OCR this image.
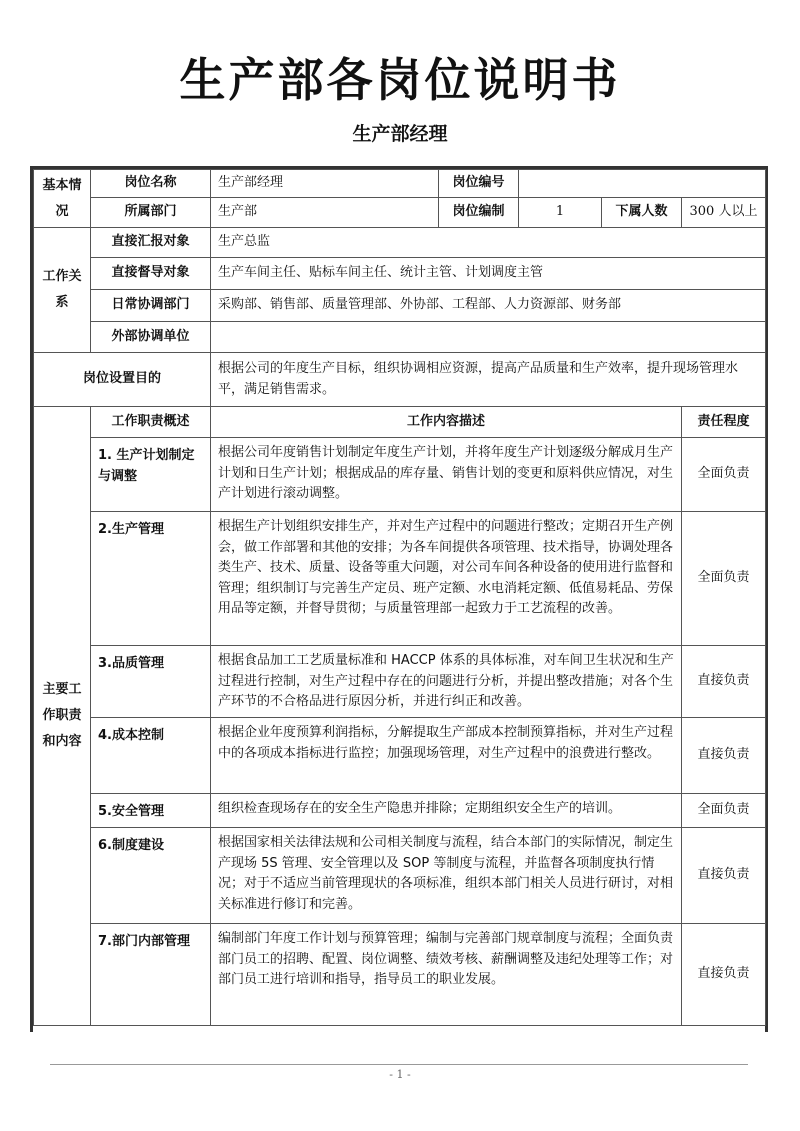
生产部各岗位说明书
生产部经理
基本情况	岗位名称	生产部经理	岗位编号			
	所属部门	生产部	岗位编制	1	下属人数	300 人以上
工作关系	直接汇报对象	生产总监				
	直接督导对象	生产车间主任、贴标车间主任、统计主管、计划调度主管				
	日常协调部门	采购部、销售部、质量管理部、外协部、工程部、人力资源部、财务部				
	外部协调单位					
岗位设置目的		根据公司的年度生产目标，组织协调相应资源，提高产品质量和生产效率，提升现场管理水平，满足销售需求。				
主要工作职责和内容	工作职责概述	工作内容描述				责任程度
	1. 生产计划制定与调整	根据公司年度销售计划制定年度生产计划，并将年度生产计划逐级分解成月生产计划和日生产计划；根据成品的库存量、销售计划的变更和原料供应情况，对生产计划进行滚动调整。				全面负责
	2.生产管理	根据生产计划组织安排生产，并对生产过程中的问题进行整改；定期召开生产例会，做工作部署和其他的安排；为各车间提供各项管理、技术指导，协调处理各类生产、技术、质量、设备等重大问题，对公司车间各种设备的使用进行监督和管理；组织制订与完善生产定员、班产定额、水电消耗定额、低值易耗品、劳保用品等定额，并督导贯彻；与质量管理部一起致力于工艺流程的改善。				全面负责
	3.品质管理	根据食品加工工艺质量标准和 HACCP 体系的具体标准，对车间卫生状况和生产过程进行控制，对生产过程中存在的问题进行分析，并提出整改措施；对各个生产环节的不合格品进行原因分析，并进行纠正和改善。				直接负责
	4.成本控制	根据企业年度预算利润指标，分解提取生产部成本控制预算指标，并对生产过程中的各项成本指标进行监控；加强现场管理，对生产过程中的浪费进行整改。				直接负责
	5.安全管理	组织检查现场存在的安全生产隐患并排除；定期组织安全生产的培训。				全面负责
	6.制度建设	根据国家相关法律法规和公司相关制度与流程，结合本部门的实际情况，制定生产现场 5S 管理、安全管理以及 SOP 等制度与流程，并监督各项制度执行情况；对于不适应当前管理现状的各项标准，组织本部门相关人员进行研讨，对相关标准进行修订和完善。				直接负责
	7.部门内部管理	编制部门年度工作计划与预算管理；编制与完善部门规章制度与流程；全面负责部门员工的招聘、配置、岗位调整、绩效考核、薪酬调整及违纪处理等工作；对部门员工进行培训和指导，指导员工的职业发展。				直接负责
- 1 -
